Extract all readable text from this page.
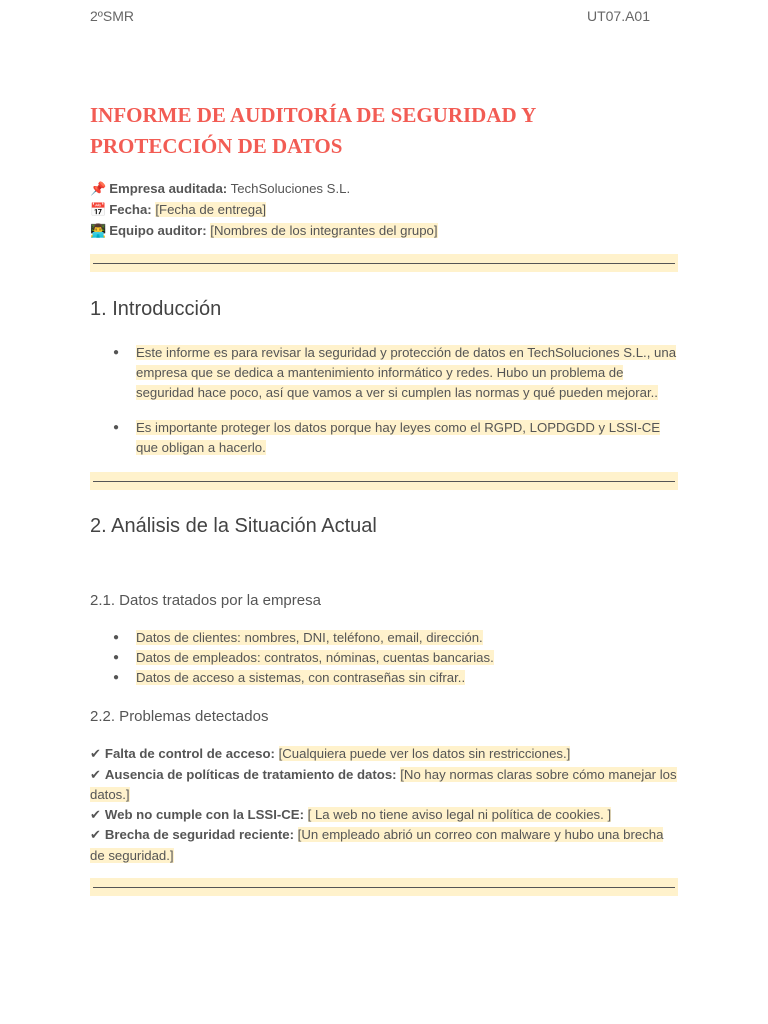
2ºSMR	UT07.A01
INFORME DE AUDITORÍA DE SEGURIDAD Y PROTECCIÓN DE DATOS
📌 Empresa auditada: TechSoluciones S.L.
📅 Fecha: [Fecha de entrega]
👨‍💻 Equipo auditor: [Nombres de los integrantes del grupo]
1. Introducción
● Este informe es para revisar la seguridad y protección de datos en TechSoluciones S.L., una empresa que se dedica a mantenimiento informático y redes. Hubo un problema de seguridad hace poco, así que vamos a ver si cumplen las normas y qué pueden mejorar..
● Es importante proteger los datos porque hay leyes como el RGPD, LOPDGDD y LSSI-CE que obligan a hacerlo.
2. Análisis de la Situación Actual
2.1. Datos tratados por la empresa
● Datos de clientes: nombres, DNI, teléfono, email, dirección.
● Datos de empleados: contratos, nóminas, cuentas bancarias.
● Datos de acceso a sistemas, con contraseñas sin cifrar..
2.2. Problemas detectados

✔ Falta de control de acceso: [Cualquiera puede ver los datos sin restricciones.]

✔ Ausencia de políticas de tratamiento de datos: [No hay normas claras sobre cómo manejar los datos.]

✔ Web no cumple con la LSSI-CE: [ La web no tiene aviso legal ni política de cookies. ]

✔ Brecha de seguridad reciente: [Un empleado abrió un correo con malware y hubo una brecha de seguridad.]
